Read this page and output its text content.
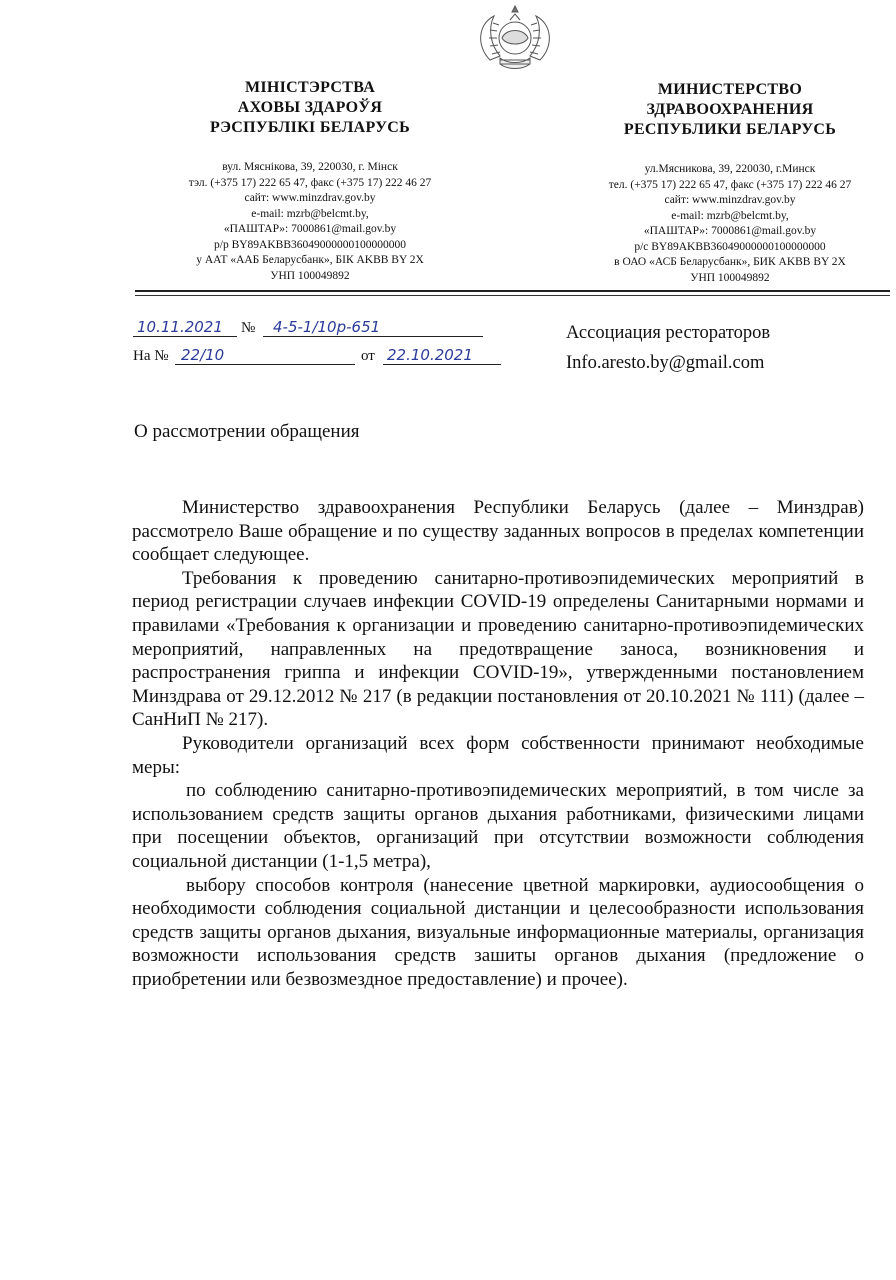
МІНІСТЭРСТВА
АХОВЫ ЗДАРОЎЯ
РЭСПУБЛІКІ БЕЛАРУСЬ
вул. Мяснікова, 39, 220030, г. Мінск
тэл. (+375 17) 222 65 47, факс (+375 17) 222 46 27
сайт: www.minzdrav.gov.by
e-mail: mzrb@belcmt.by,
«ПАШТАР»: 7000861@mail.gov.by
р/р BY89AKBB36049000000100000000
у ААТ «ААБ Беларусбанк», БІК AKBB BY 2X
УНП 100049892
МИНИСТЕРСТВО
ЗДРАВООХРАНЕНИЯ
РЕСПУБЛИКИ БЕЛАРУСЬ
ул.Мясникова, 39, 220030, г.Минск
тел. (+375 17) 222 65 47, факс (+375 17) 222 46 27
сайт: www.minzdrav.gov.by
e-mail: mzrb@belcmt.by,
«ПАШТАР»: 7000861@mail.gov.by
р/с BY89AKBB36049000000100000000
в ОАО «АСБ Беларусбанк», БИК AKBB BY 2X
УНП 100049892
10.11.2021 № 4-5-1/10р-651
На № 22/10	от 22.10.2021
Ассоциация рестораторов
Info.aresto.by@gmail.com
О рассмотрении обращения

Министерство здравоохранения Республики Беларусь (далее – Минздрав) рассмотрело Ваше обращение и по существу заданных вопросов в пределах компетенции сообщает следующее.

Требования к проведению санитарно-противоэпидемических мероприятий в период регистрации случаев инфекции COVID-19 определены Санитарными нормами и правилами «Требования к организации и проведению санитарно-противоэпидемических мероприятий, направленных на предотвращение заноса, возникновения и распространения гриппа и инфекции COVID-19», утвержденными постановлением Минздрава от 29.12.2012 № 217 (в редакции постановления от 20.10.2021 № 111) (далее – СанНиП № 217).

Руководители организаций всех форм собственности принимают необходимые меры:

по соблюдению санитарно-противоэпидемических мероприятий, в том числе за использованием средств защиты органов дыхания работниками, физическими лицами при посещении объектов, организаций при отсутствии возможности соблюдения социальной дистанции (1-1,5 метра),

выбору способов контроля (нанесение цветной маркировки, аудиосообщения о необходимости соблюдения социальной дистанции и целесообразности использования средств защиты органов дыхания, визуальные информационные материалы, организация возможности использования средств зашиты органов дыхания (предложение о приобретении или безвозмездное предоставление) и прочее).
